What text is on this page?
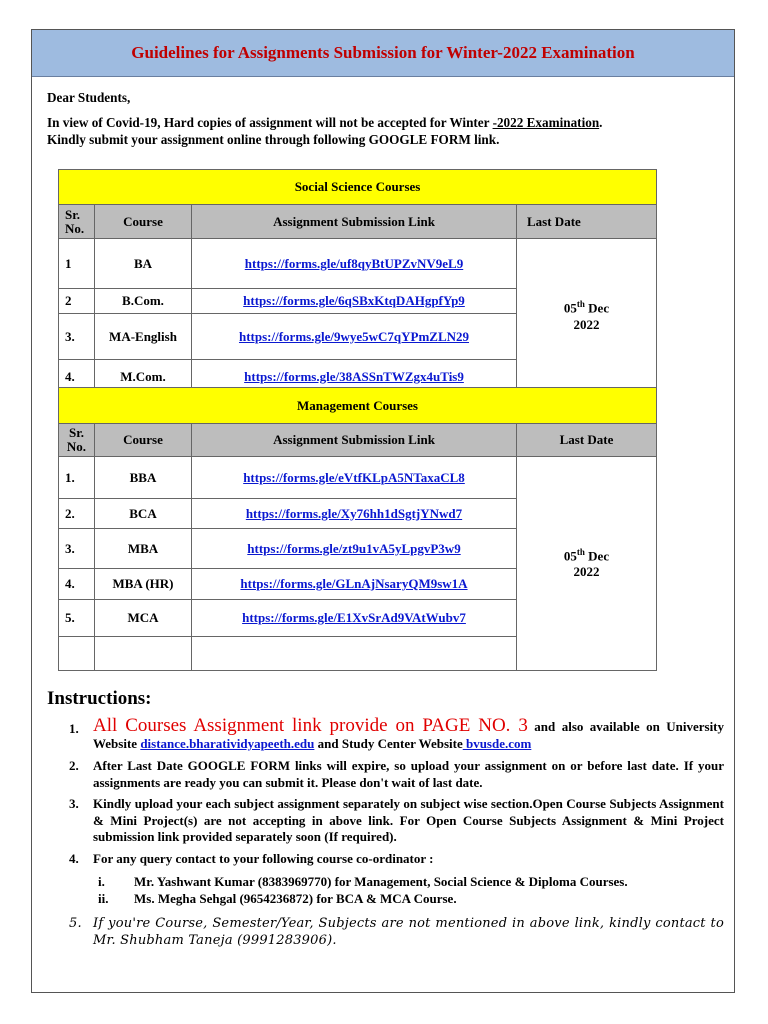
Guidelines for Assignments Submission for Winter-2022 Examination

Dear Students,

In view of Covid-19, Hard copies of assignment will not be accepted for Winter -2022 Examination.

Kindly submit your assignment online through following GOOGLE FORM link.

Social Science Courses			
Sr. No.	Course	Assignment Submission Link	Last Date
1	BA	https://forms.gle/uf8qyBtUPZvNV9eL9	05th Dec
2022
2	B.Com.	https://forms.gle/6qSBxKtqDAHgpfYp9	
3.	MA-English	https://forms.gle/9wye5wC7qYPmZLN29	
4.	M.Com.	https://forms.gle/38ASSnTWZgx4uTis9	
Management Courses			
Sr. No.	Course	Assignment Submission Link	Last Date
1.	BBA	https://forms.gle/eVtfKLpA5NTaxaCL8	05th Dec
2022
2.	BCA	https://forms.gle/Xy76hh1dSgtjYNwd7	
3.	MBA	https://forms.gle/zt9u1vA5yLpgvP3w9	
4.	MBA (HR)	https://forms.gle/GLnAjNsaryQM9sw1A	
5.	MCA	https://forms.gle/E1XvSrAd9VAtWubv7	

Instructions:
1. All Courses Assignment link provide on PAGE NO. 3 and also available on University Website distance.bharatividyapeeth.edu and Study Center Website bvusde.com
2. After Last Date GOOGLE FORM links will expire, so upload your assignment on or before last date. If your assignments are ready you can submit it. Please don't wait of last date.
3. Kindly upload your each subject assignment separately on subject wise section.Open Course Subjects Assignment & Mini Project(s) are not accepting in above link. For Open Course Subjects Assignment & Mini Project submission link provided separately soon (If required).
4. For any query contact to your following course co-ordinator :
i. Mr. Yashwant Kumar (8383969770) for Management, Social Science & Diploma Courses.
ii. Ms. Megha Sehgal (9654236872) for BCA & MCA Course.
5. If you're Course, Semester/Year, Subjects are not mentioned in above link, kindly contact to Mr. Shubham Taneja (9991283906).
